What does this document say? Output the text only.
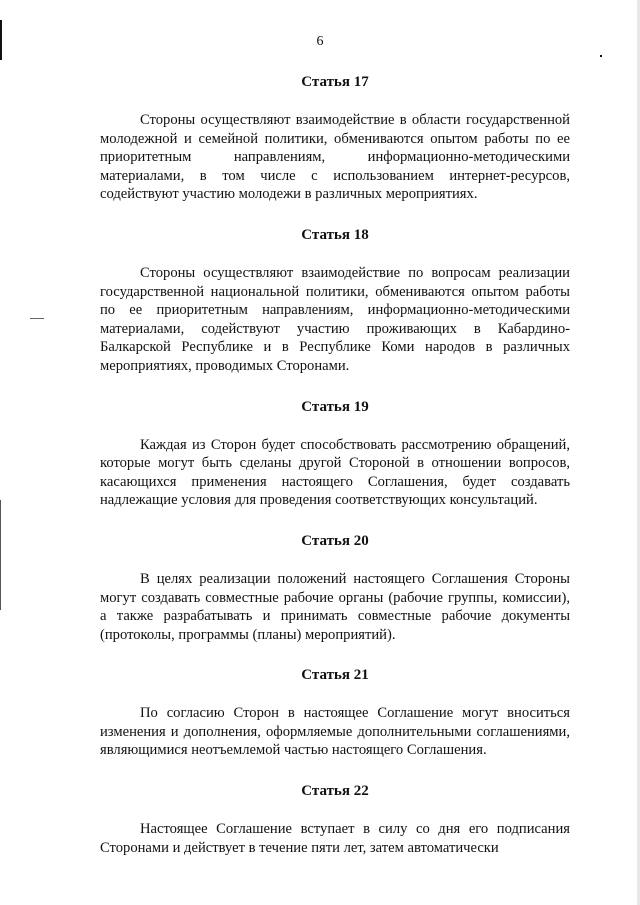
6
Статья 17

Стороны осуществляют взаимодействие в области государственной молодежной и семейной политики, обмениваются опытом работы по ее приоритетным направлениям, информационно-методическими материалами, в том числе с использованием интернет-ресурсов, содействуют участию молодежи в различных мероприятиях.

Статья 18

Стороны осуществляют взаимодействие по вопросам реализации государственной национальной политики, обмениваются опытом работы по ее приоритетным направлениям, информационно-методическими материалами, содействуют участию проживающих в Кабардино-Балкарской Республике и в Республике Коми народов в различных мероприятиях, проводимых Сторонами.

Статья 19

Каждая из Сторон будет способствовать рассмотрению обращений, которые могут быть сделаны другой Стороной в отношении вопросов, касающихся применения настоящего Соглашения, будет создавать надлежащие условия для проведения соответствующих консультаций.

Статья 20

В целях реализации положений настоящего Соглашения Стороны могут создавать совместные рабочие органы (рабочие группы, комиссии), а также разрабатывать и принимать совместные рабочие документы (протоколы, программы (планы) мероприятий).

Статья 21

По согласию Сторон в настоящее Соглашение могут вноситься изменения и дополнения, оформляемые дополнительными соглашениями, являющимися неотъемлемой частью настоящего Соглашения.

Статья 22

Настоящее Соглашение вступает в силу со дня его подписания Сторонами и действует в течение пяти лет, затем автоматически
